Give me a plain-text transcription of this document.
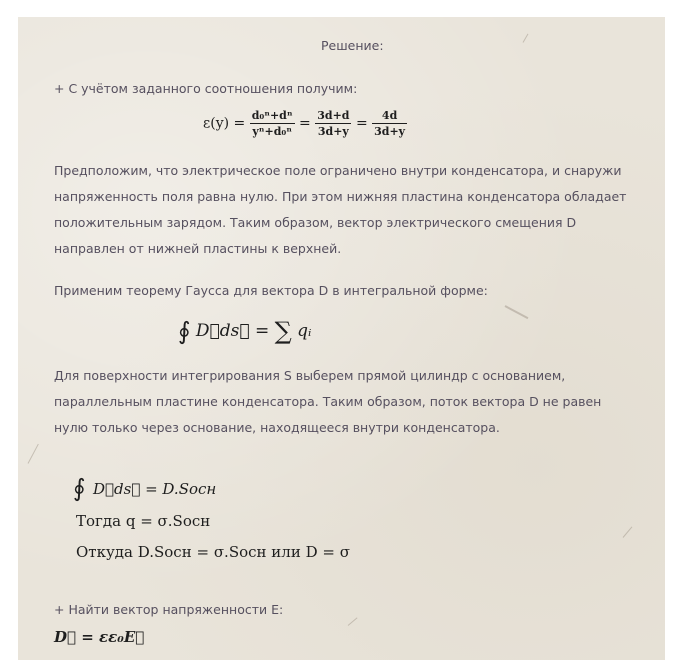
Решение:
+ С учётом заданного соотношения получим:
$\varepsilon(y) = \frac{\text{d₀ⁿ+dⁿ}}{\text{yⁿ+d₀ⁿ}} = \frac{3d+d}{3d+y} = \frac{4d}{3d+y}$
Предположим, что электрическое поле ограничено внутри конденсатора, и снаружи
напряженность поля равна нулю. При этом нижняя пластина конденсатора обладает
положительным зарядом. Таким образом, вектор электрического смещения D
направлен от нижней пластины к верхней.
Применим теорему Гаусса для вектора D в интегральной форме:
∮ D⃗ds⃗ = ∑ qᵢ
Для поверхности интегрирования S выберем прямой цилиндр с основанием,
параллельным пластине конденсатора. Таким образом, поток вектора D не равен
нулю только через основание, находящееся внутри конденсатора.
∮ D⃗ds⃗ = D.Sосн
Тогда q = σ.Sосн
Откуда D.Sосн = σ.Sосн или D = σ
+ Найти вектор напряженности E:
D⃗ = εε₀E⃗
